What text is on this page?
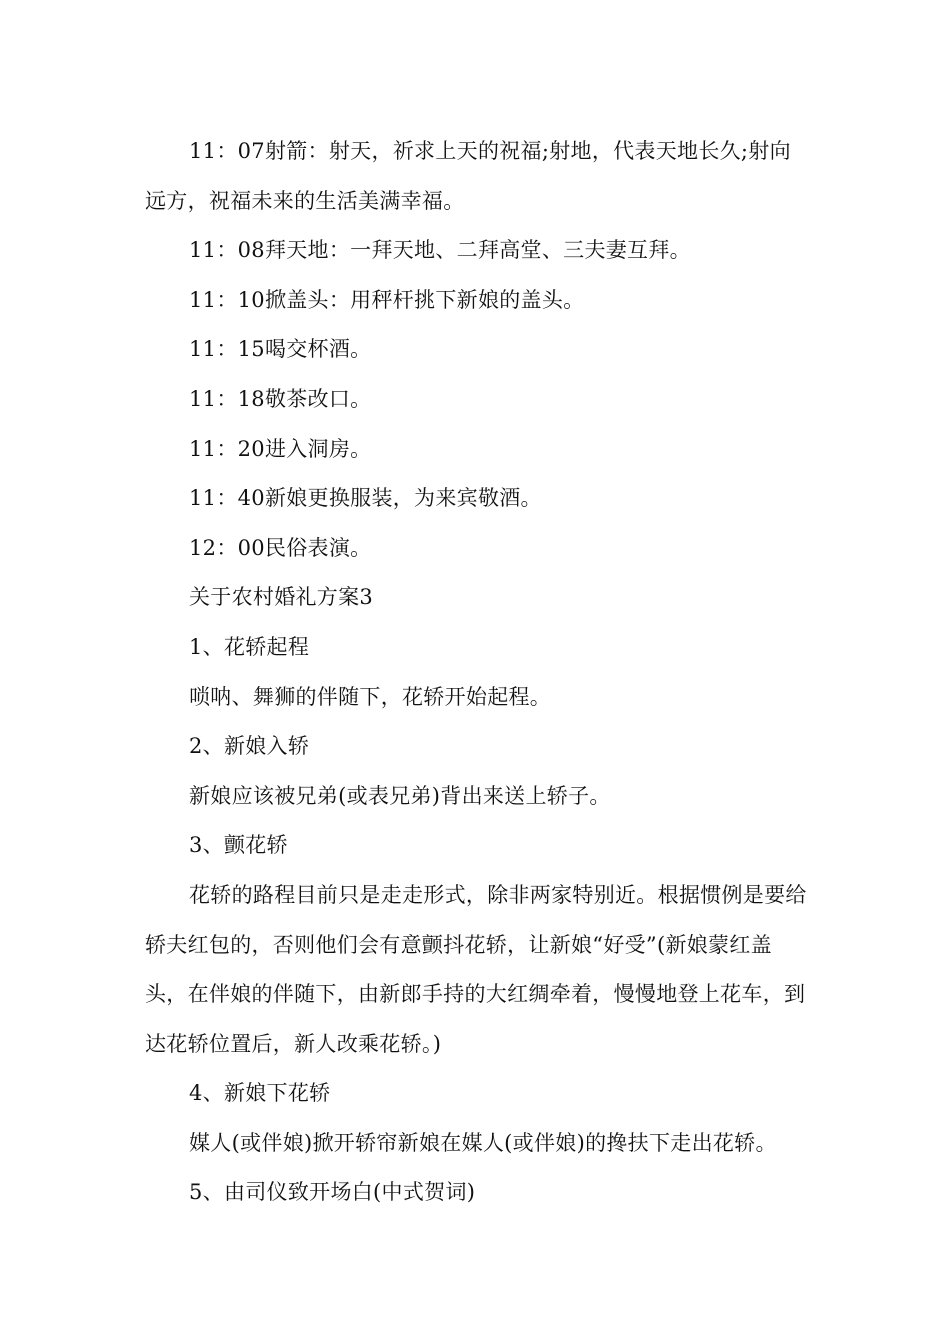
11：07射箭：射天，祈求上天的祝福;射地，代表天地长久;射向远方，祝福未来的生活美满幸福。

11：08拜天地：一拜天地、二拜高堂、三夫妻互拜。

11：10掀盖头：用秤杆挑下新娘的盖头。

11：15喝交杯酒。

11：18敬茶改口。

11：20进入洞房。

11：40新娘更换服装，为来宾敬酒。

12：00民俗表演。

关于农村婚礼方案3

1、花轿起程

唢呐、舞狮的伴随下，花轿开始起程。

2、新娘入轿

新娘应该被兄弟(或表兄弟)背出来送上轿子。

3、颤花轿

花轿的路程目前只是走走形式，除非两家特别近。根据惯例是要给轿夫红包的，否则他们会有意颤抖花轿，让新娘“好受”(新娘蒙红盖头，在伴娘的伴随下，由新郎手持的大红绸牵着，慢慢地登上花车，到达花轿位置后，新人改乘花轿。)

4、新娘下花轿

媒人(或伴娘)掀开轿帘新娘在媒人(或伴娘)的搀扶下走出花轿。

5、由司仪致开场白(中式贺词)
